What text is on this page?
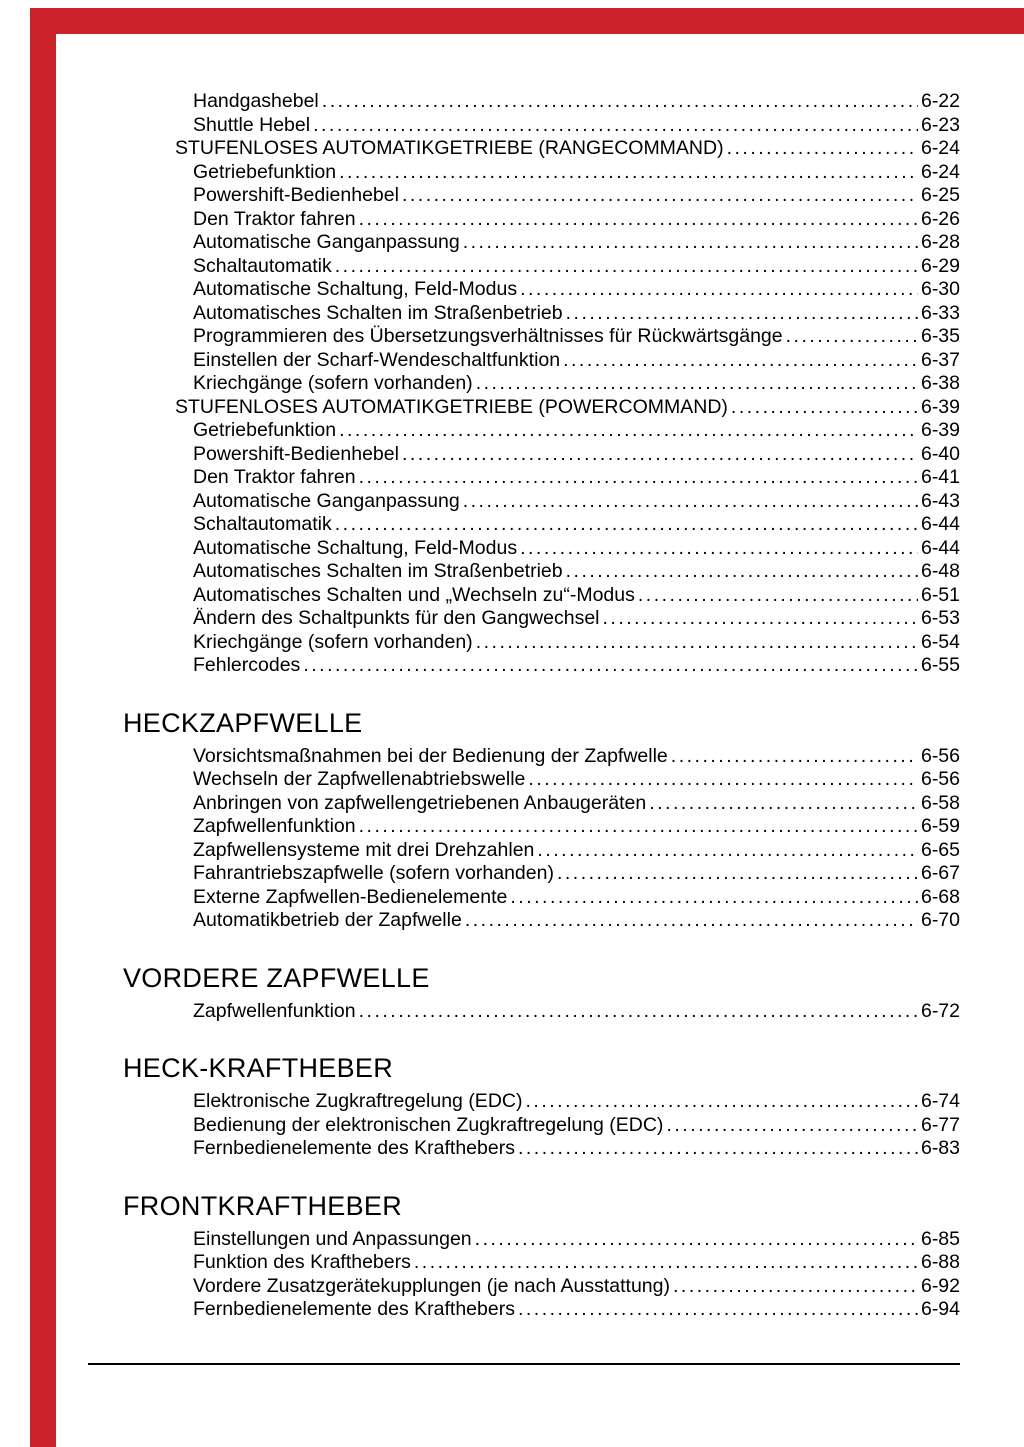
Handgashebel .....	6-22
Shuttle Hebel .....	6-23
STUFENLOSES AUTOMATIKGETRIEBE (RANGECOMMAND) .....	6-24
Getriebefunktion .....	6-24
Powershift-Bedienhebel .....	6-25
Den Traktor fahren .....	6-26
Automatische Ganganpassung .....	6-28
Schaltautomatik .....	6-29
Automatische Schaltung, Feld-Modus .....	6-30
Automatisches Schalten im Straßenbetrieb .....	6-33
Programmieren des Übersetzungsverhältnisses für Rückwärtsgänge .....	6-35
Einstellen der Scharf-Wendeschaltfunktion .....	6-37
Kriechgänge (sofern vorhanden) .....	6-38
STUFENLOSES AUTOMATIKGETRIEBE (POWERCOMMAND) .....	6-39
Getriebefunktion .....	6-39
Powershift-Bedienhebel .....	6-40
Den Traktor fahren .....	6-41
Automatische Ganganpassung .....	6-43
Schaltautomatik .....	6-44
Automatische Schaltung, Feld-Modus .....	6-44
Automatisches Schalten im Straßenbetrieb .....	6-48
Automatisches Schalten und „Wechseln zu“-Modus .....	6-51
Ändern des Schaltpunkts für den Gangwechsel .....	6-53
Kriechgänge (sofern vorhanden) .....	6-54
Fehlercodes .....	6-55
HECKZAPFWELLE
Vorsichtsmaßnahmen bei der Bedienung der Zapfwelle .....	6-56
Wechseln der Zapfwellenabtriebswelle .....	6-56
Anbringen von zapfwellengetriebenen Anbaugeräten .....	6-58
Zapfwellenfunktion .....	6-59
Zapfwellensysteme mit drei Drehzahlen .....	6-65
Fahrantriebszapfwelle (sofern vorhanden) .....	6-67
Externe Zapfwellen-Bedienelemente .....	6-68
Automatikbetrieb der Zapfwelle .....	6-70
VORDERE ZAPFWELLE
Zapfwellenfunktion .....	6-72
HECK-KRAFTHEBER
Elektronische Zugkraftregelung (EDC) .....	6-74
Bedienung der elektronischen Zugkraftregelung (EDC) .....	6-77
Fernbedienelemente des Krafthebers .....	6-83
FRONTKRAFTHEBER
Einstellungen und Anpassungen .....	6-85
Funktion des Krafthebers .....	6-88
Vordere Zusatzgerätekupplungen (je nach Ausstattung) .....	6-92
Fernbedienelemente des Krafthebers .....	6-94
